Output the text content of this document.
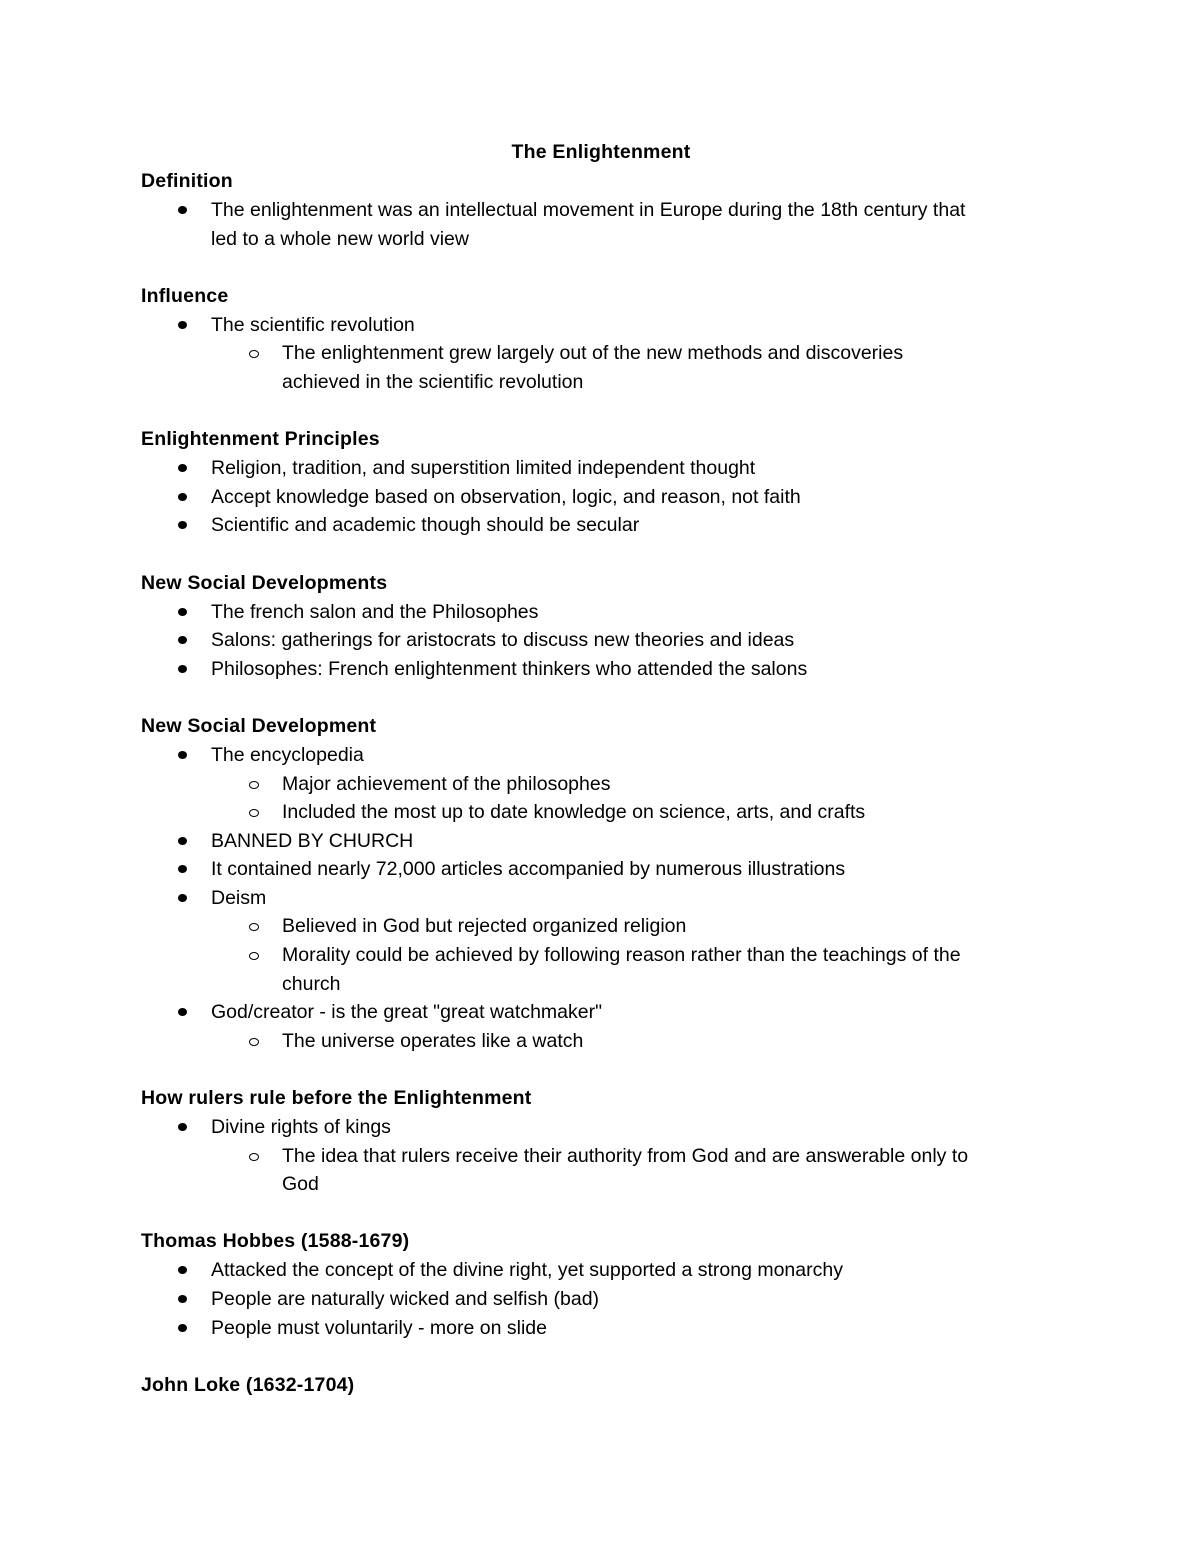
The Enlightenment
Definition
The enlightenment was an intellectual movement in Europe during the 18th century that
led to a whole new world view
Influence
The scientific revolution
The enlightenment grew largely out of the new methods and discoveries
achieved in the scientific revolution
Enlightenment Principles
Religion, tradition, and superstition limited independent thought
Accept knowledge based on observation, logic, and reason, not faith
Scientific and academic though should be secular
New Social Developments
The french salon and the Philosophes
Salons: gatherings for aristocrats to discuss new theories and ideas
Philosophes: French enlightenment thinkers who attended the salons
New Social Development
The encyclopedia
Major achievement of the philosophes
Included the most up to date knowledge on science, arts, and crafts
BANNED BY CHURCH
It contained nearly 72,000 articles accompanied by numerous illustrations
Deism
Believed in God but rejected organized religion
Morality could be achieved by following reason rather than the teachings of the
church
God/creator - is the great "great watchmaker"
The universe operates like a watch
How rulers rule before the Enlightenment
Divine rights of kings
The idea that rulers receive their authority from God and are answerable only to
God
Thomas Hobbes (1588-1679)
Attacked the concept of the divine right, yet supported a strong monarchy
People are naturally wicked and selfish (bad)
People must voluntarily - more on slide
John Loke (1632-1704)
